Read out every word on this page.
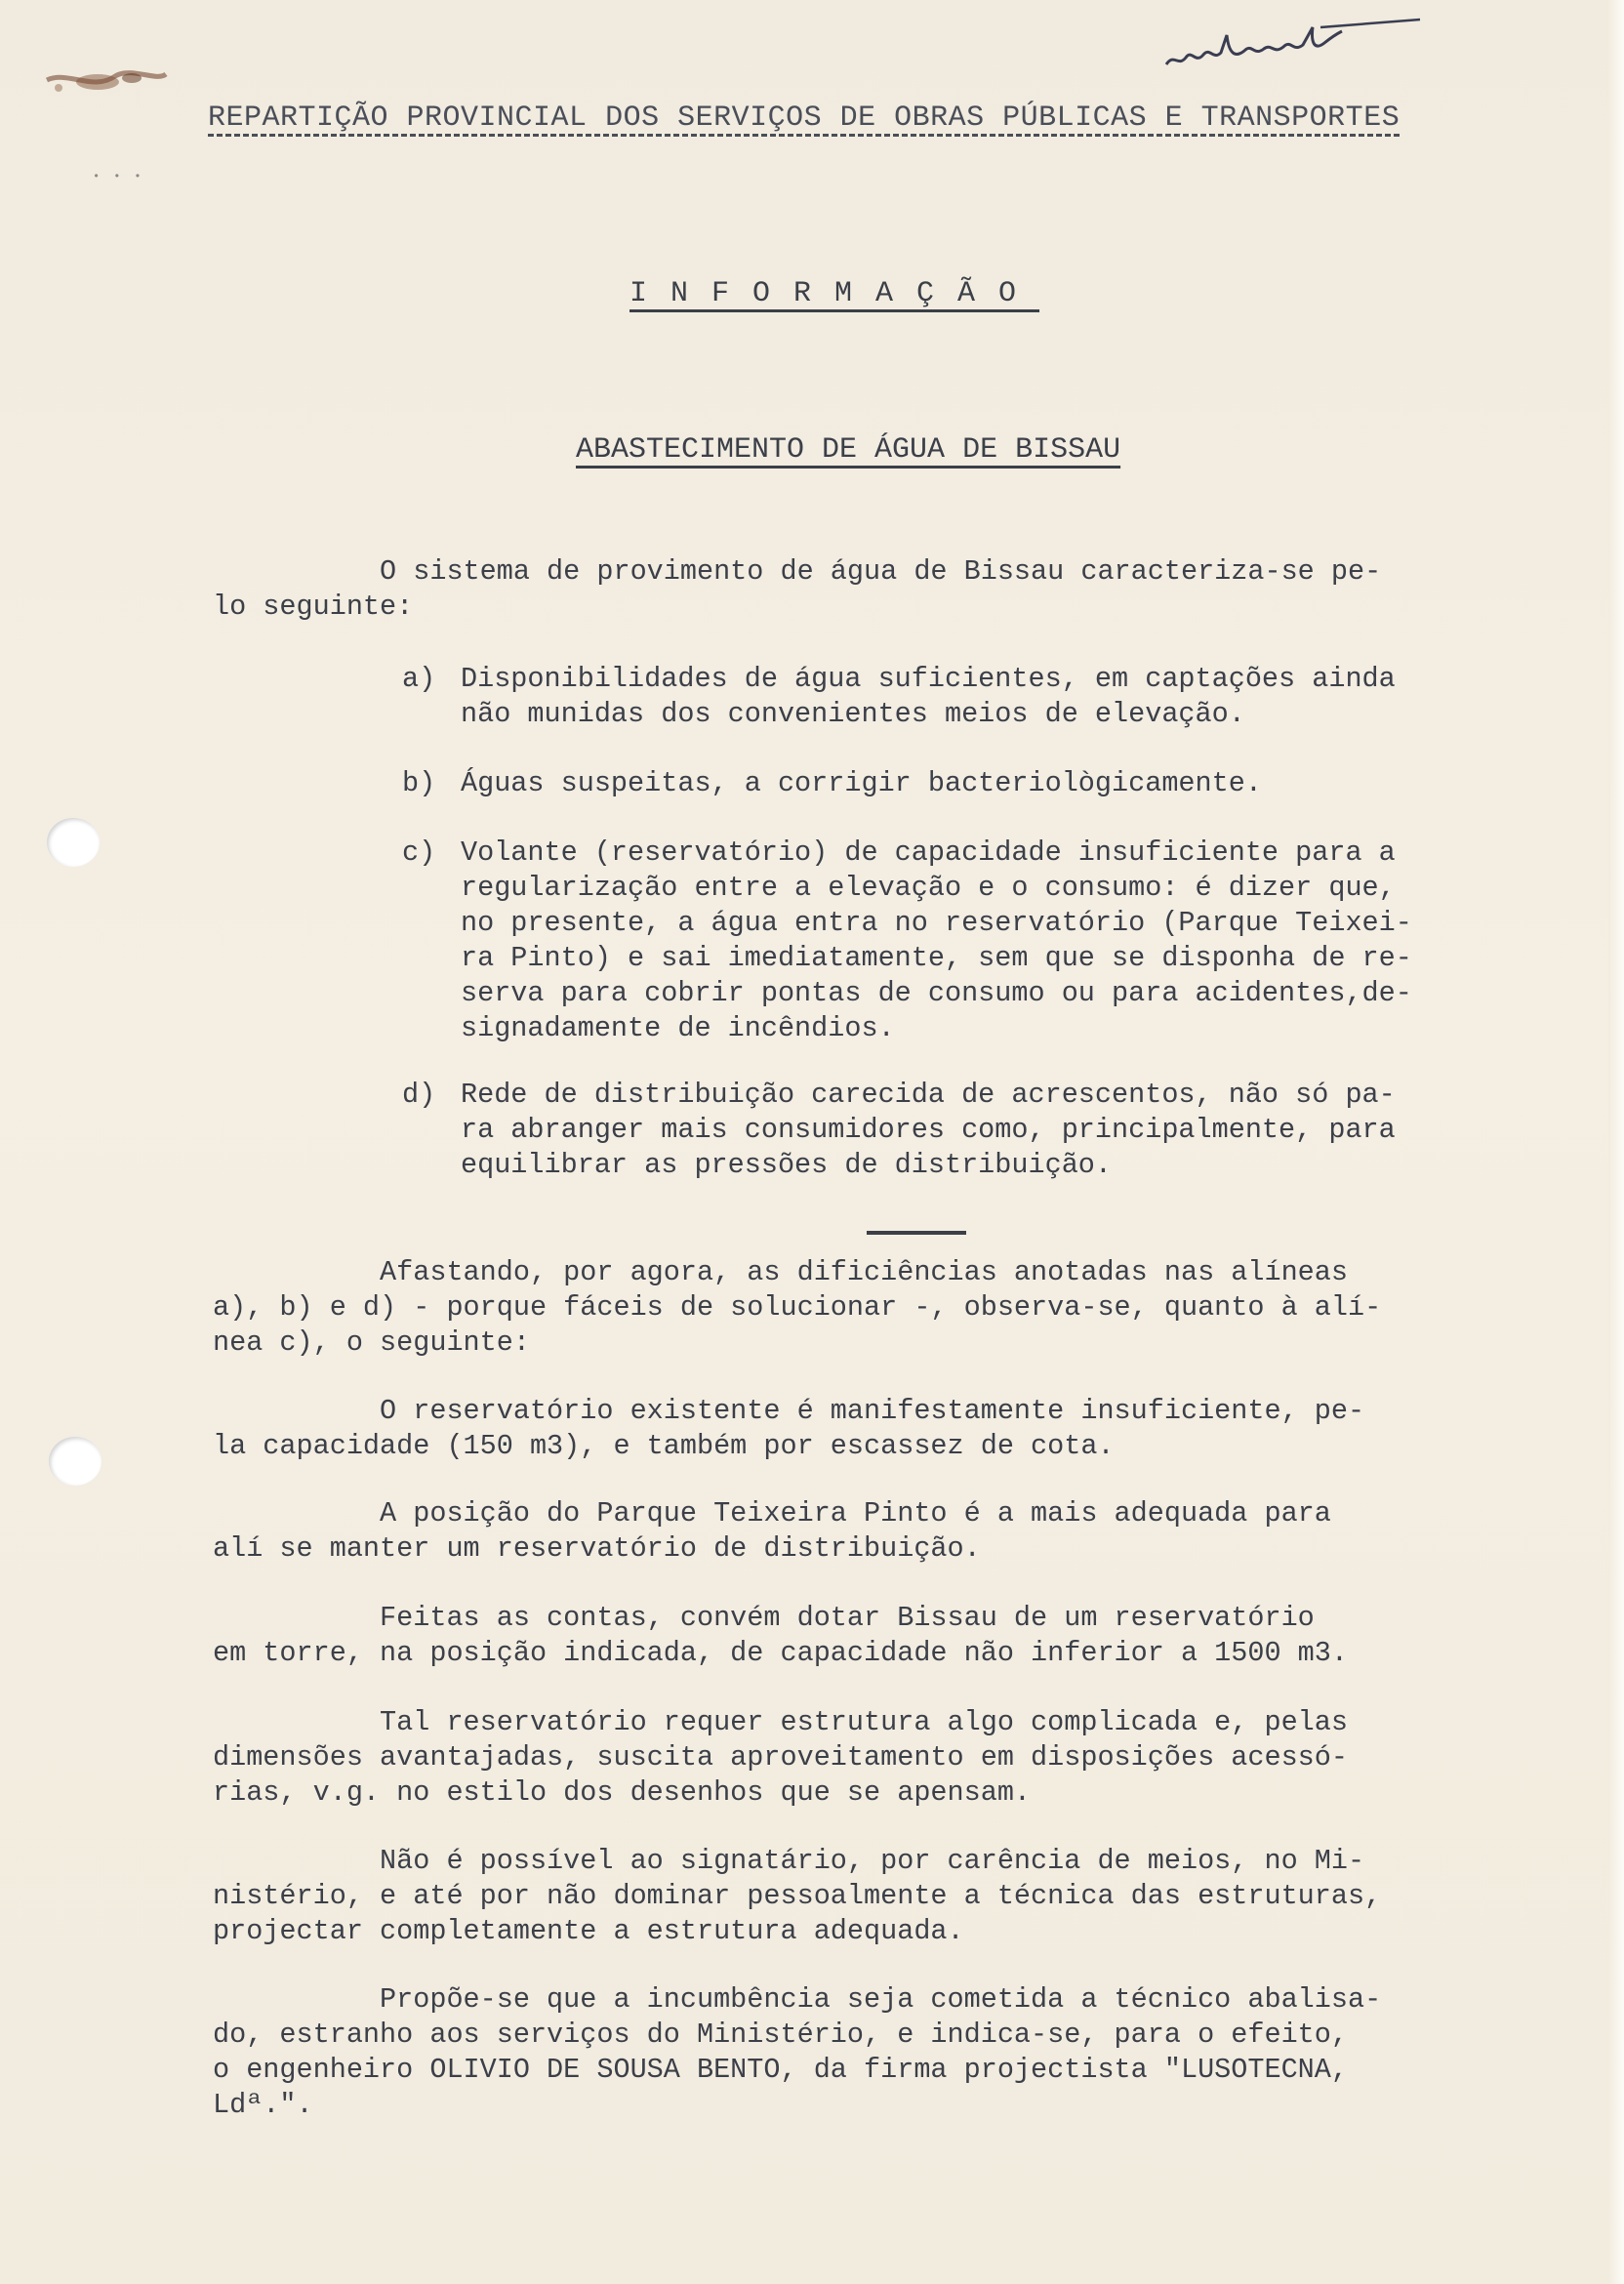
•••
REPARTIÇÃO PROVINCIAL DOS SERVIÇOS DE OBRAS PÚBLICAS E TRANSPORTES
INFORMAÇÃO
ABASTECIMENTO DE ÁGUA DE BISSAU

O sistema de provimento de água de Bissau caracteriza-se pe-
lo seguinte:

a) Disponibilidades de água suficientes, em captações ainda
não munidas dos convenientes meios de elevação.
b) Águas suspeitas, a corrigir bacteriològicamente.
c) Volante (reservatório) de capacidade insuficiente para a
regularização entre a elevação e o consumo: é dizer que,
no presente, a água entra no reservatório (Parque Teixei-
ra Pinto) e sai imediatamente, sem que se disponha de re-
serva para cobrir pontas de consumo ou para acidentes,de-
signadamente de incêndios.
d) Rede de distribuição carecida de acrescentos, não só pa-
ra abranger mais consumidores como, principalmente, para
equilibrar as pressões de distribuição.

Afastando, por agora, as dificiências anotadas nas alíneas
a), b) e d) - porque fáceis de solucionar -, observa-se, quanto à alí-
nea c), o seguinte:

O reservatório existente é manifestamente insuficiente, pe-
la capacidade (150 m3), e também por escassez de cota.

A posição do Parque Teixeira Pinto é a mais adequada para
alí se manter um reservatório de distribuição.

Feitas as contas, convém dotar Bissau de um reservatório
em torre, na posição indicada, de capacidade não inferior a 1500 m3.

Tal reservatório requer estrutura algo complicada e, pelas
dimensões avantajadas, suscita aproveitamento em disposições acessó-
rias, v.g. no estilo dos desenhos que se apensam.

Não é possível ao signatário, por carência de meios, no Mi-
nistério, e até por não dominar pessoalmente a técnica das estruturas,
projectar completamente a estrutura adequada.

Propõe-se que a incumbência seja cometida a técnico abalisa-
do, estranho aos serviços do Ministério, e indica-se, para o efeito,
o engenheiro OLIVIO DE SOUSA BENTO, da firma projectista "LUSOTECNA,
Ldª.".
